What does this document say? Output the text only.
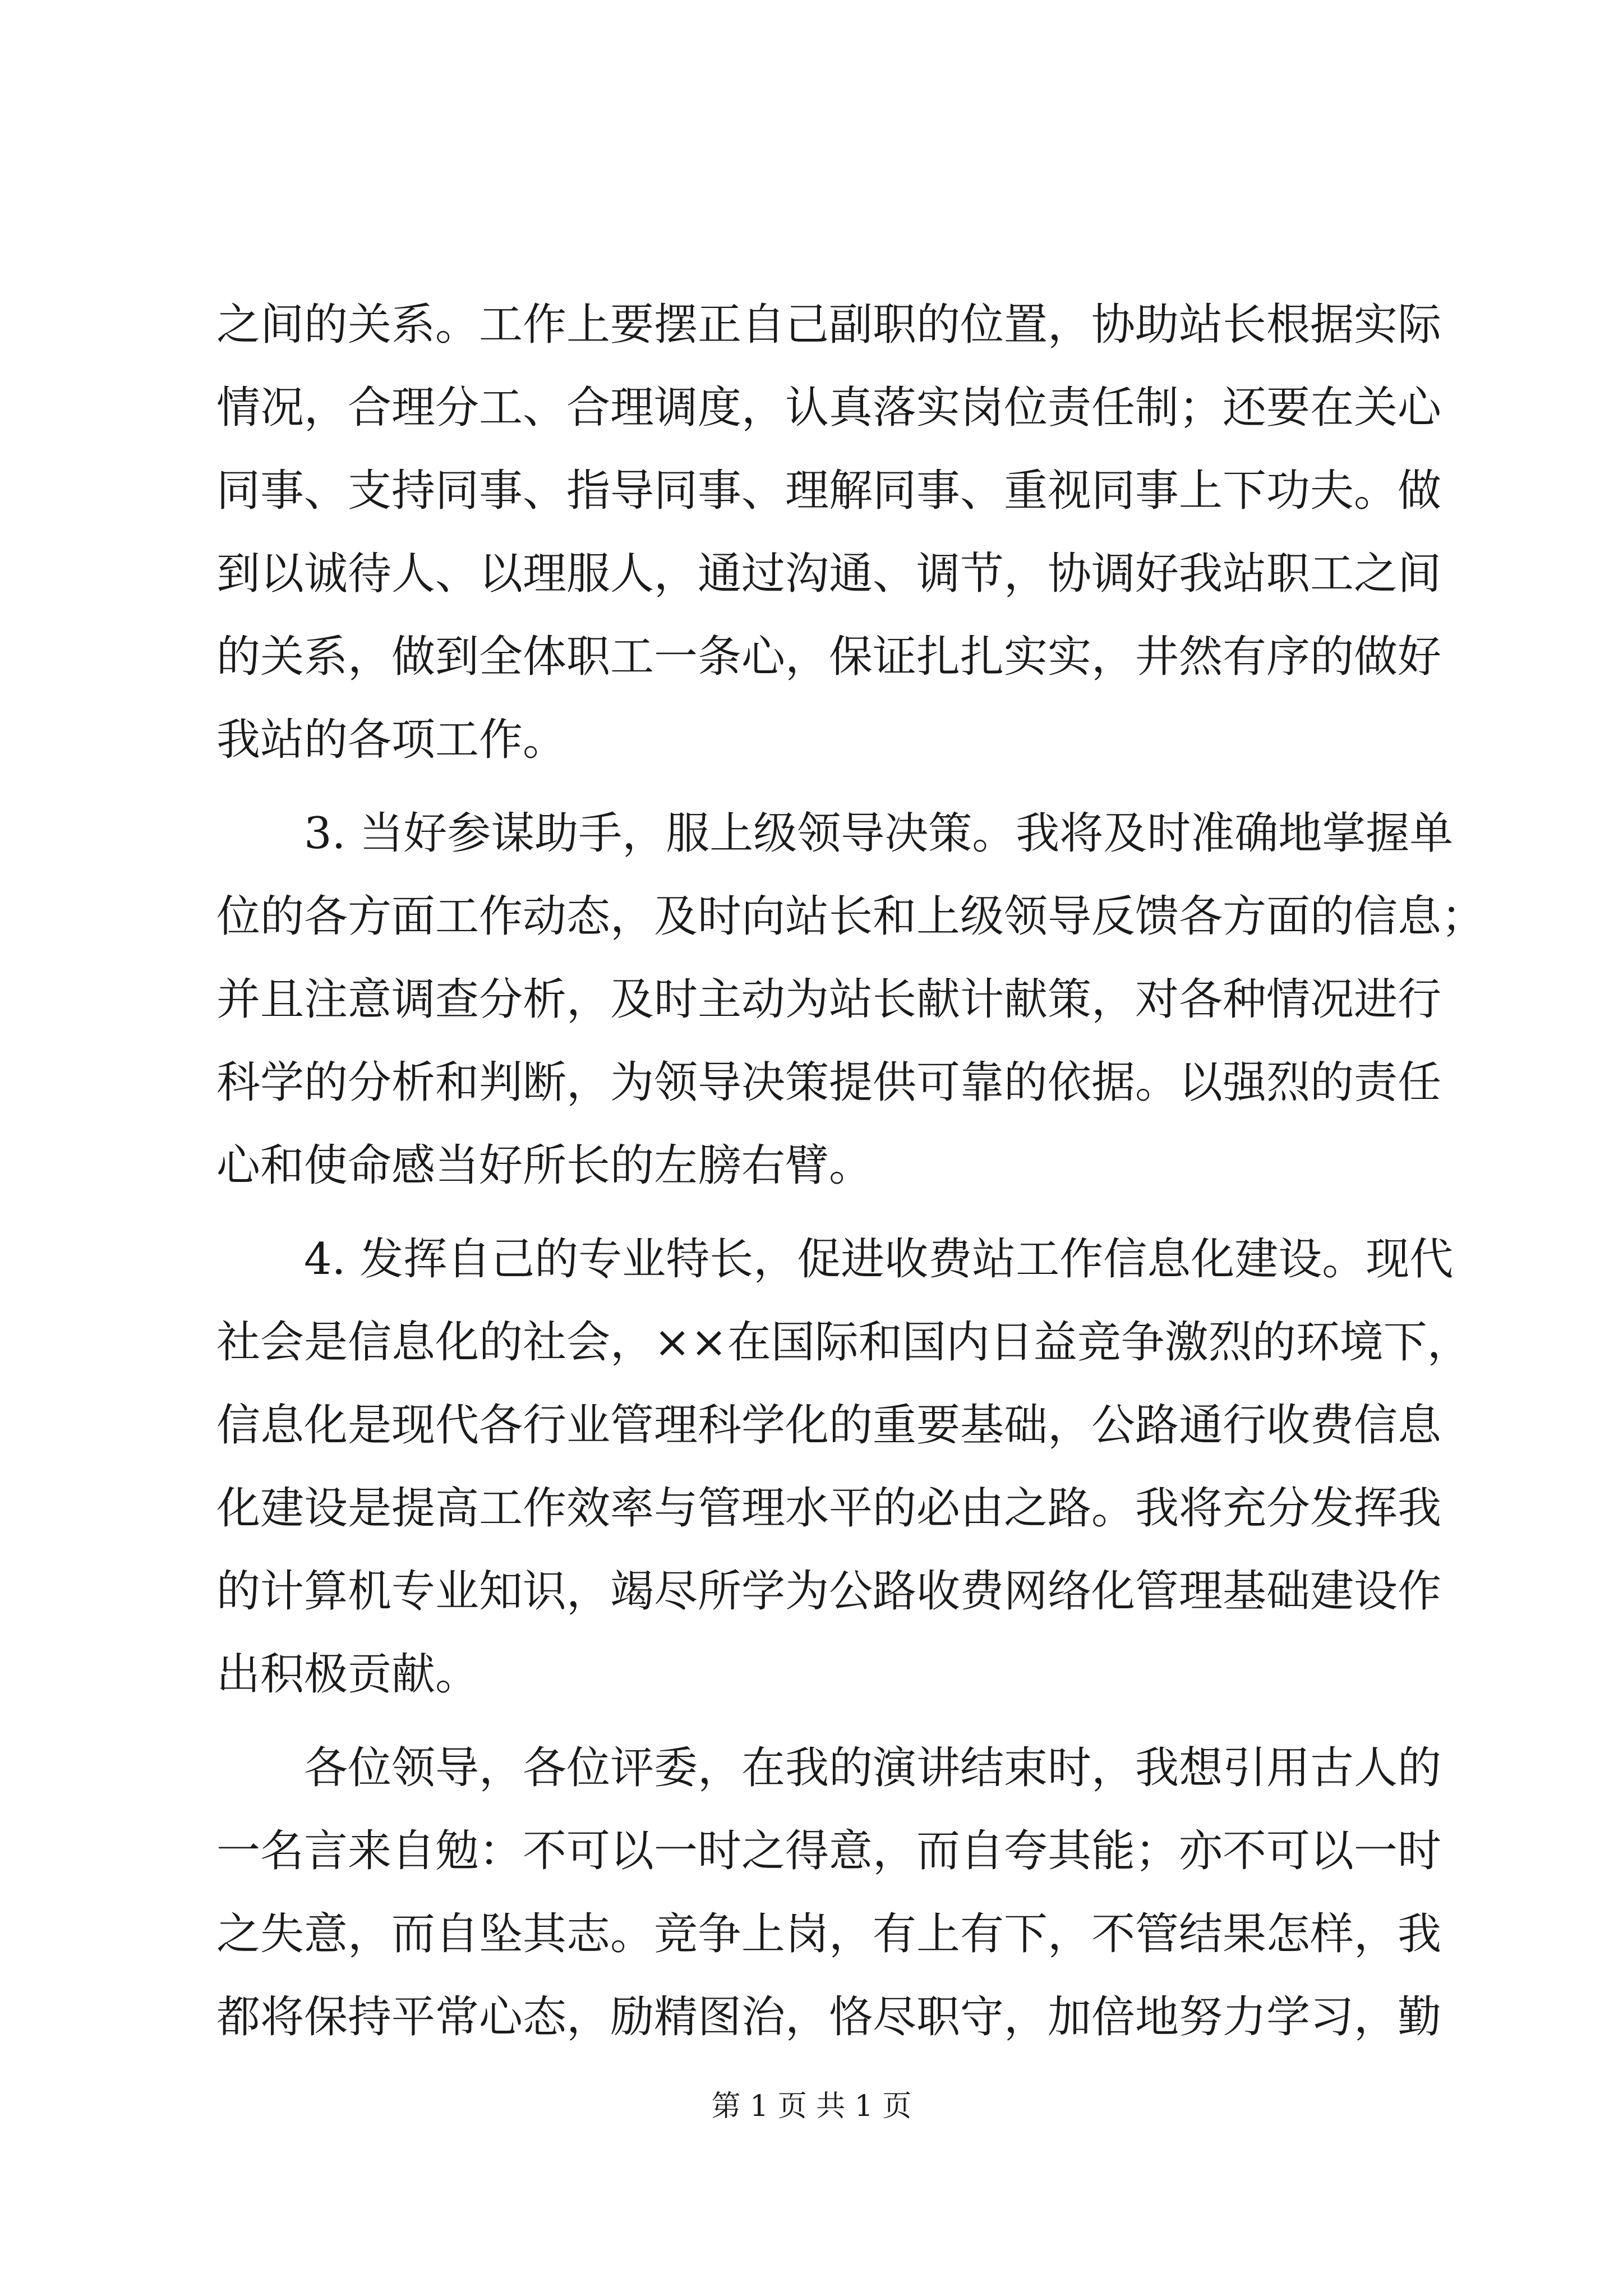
之间的关系。工作上要摆正自己副职的位置，协助站长根据实际
情况，合理分工、合理调度，认真落实岗位责任制；还要在关心
同事、支持同事、指导同事、理解同事、重视同事上下功夫。做
到以诚待人、以理服人，通过沟通、调节，协调好我站职工之间
的关系，做到全体职工一条心，保证扎扎实实，井然有序的做好
我站的各项工作。
3. 当好参谋助手，服上级领导决策。我将及时准确地掌握单
位的各方面工作动态，及时向站长和上级领导反馈各方面的信息；
并且注意调查分析，及时主动为站长献计献策，对各种情况进行
科学的分析和判断，为领导决策提供可靠的依据。以强烈的责任
心和使命感当好所长的左膀右臂。
4. 发挥自己的专业特长，促进收费站工作信息化建设。现代
社会是信息化的社会，××在国际和国内日益竞争激烈的环境下，
信息化是现代各行业管理科学化的重要基础，公路通行收费信息
化建设是提高工作效率与管理水平的必由之路。我将充分发挥我
的计算机专业知识，竭尽所学为公路收费网络化管理基础建设作
出积极贡献。
各位领导，各位评委，在我的演讲结束时，我想引用古人的
一名言来自勉：不可以一时之得意，而自夸其能；亦不可以一时
之失意，而自坠其志。竞争上岗，有上有下，不管结果怎样，我
都将保持平常心态，励精图治，恪尽职守，加倍地努力学习，勤
第 1 页 共 1 页
